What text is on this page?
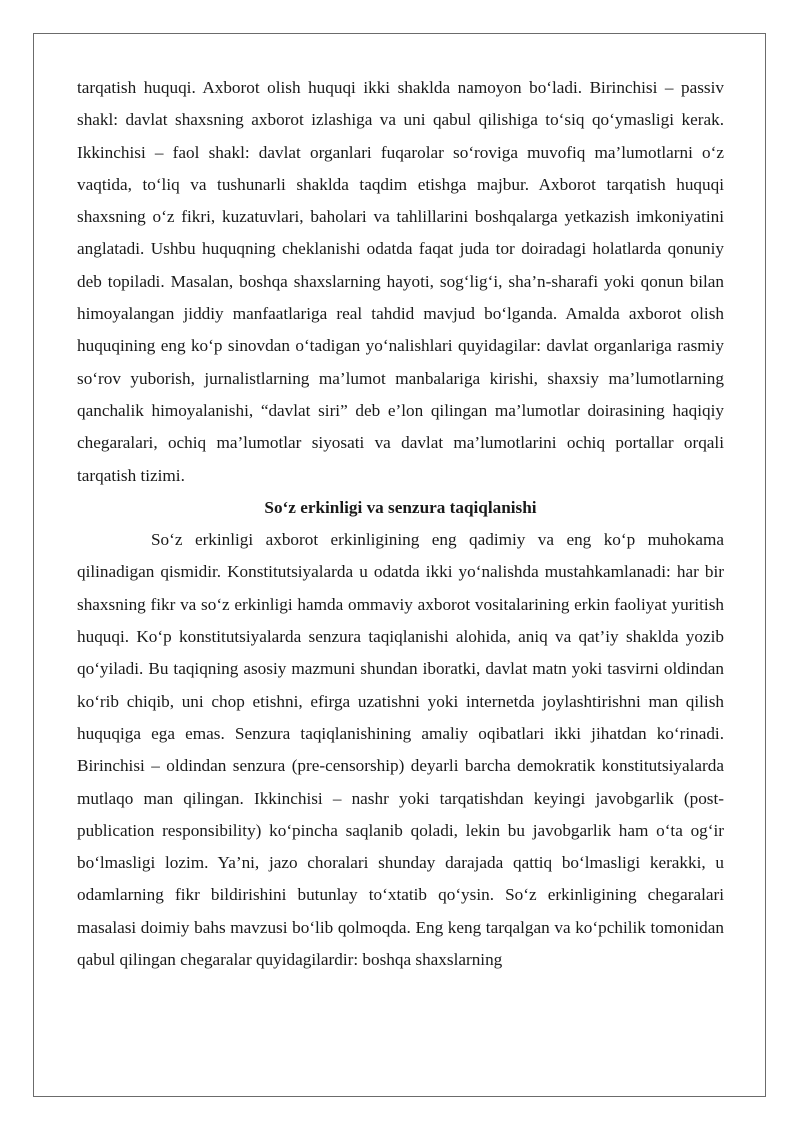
tarqatish huquqi. Axborot olish huquqi ikki shaklda namoyon bo‘ladi. Birinchisi – passiv shakl: davlat shaxsning axborot izlashiga va uni qabul qilishiga to‘siq qo‘ymasligi kerak. Ikkinchisi – faol shakl: davlat organlari fuqarolar so‘roviga muvofiq ma’lumotlarni o‘z vaqtida, to‘liq va tushunarli shaklda taqdim etishga majbur. Axborot tarqatish huquqi shaxsning o‘z fikri, kuzatuvlari, baholari va tahlillarini boshqalarga yetkazish imkoniyatini anglatadi. Ushbu huquqning cheklanishi odatda faqat juda tor doiradagi holatlarda qonuniy deb topiladi. Masalan, boshqa shaxslarning hayoti, sog‘lig‘i, sha’n-sharafi yoki qonun bilan himoyalangan jiddiy manfaatlariga real tahdid mavjud bo‘lganda. Amalda axborot olish huquqining eng ko‘p sinovdan o‘tadigan yo‘nalishlari quyidagilar: davlat organlariga rasmiy so‘rov yuborish, jurnalistlarning ma’lumot manbalariga kirishi, shaxsiy ma’lumotlarning qanchalik himoyalanishi, “davlat siri” deb e’lon qilingan ma’lumotlar doirasining haqiqiy chegaralari, ochiq ma’lumotlar siyosati va davlat ma’lumotlarini ochiq portallar orqali tarqatish tizimi.

So‘z erkinligi va senzura taqiqlanishi

So‘z erkinligi axborot erkinligining eng qadimiy va eng ko‘p muhokama qilinadigan qismidir. Konstitutsiyalarda u odatda ikki yo‘nalishda mustahkamlanadi: har bir shaxsning fikr va so‘z erkinligi hamda ommaviy axborot vositalarining erkin faoliyat yuritish huquqi. Ko‘p konstitutsiyalarda senzura taqiqlanishi alohida, aniq va qat’iy shaklda yozib qo‘yiladi. Bu taqiqning asosiy mazmuni shundan iboratki, davlat matn yoki tasvirni oldindan ko‘rib chiqib, uni chop etishni, efirga uzatishni yoki internetda joylashtirishni man qilish huquqiga ega emas. Senzura taqiqlanishining amaliy oqibatlari ikki jihatdan ko‘rinadi. Birinchisi – oldindan senzura (pre-censorship) deyarli barcha demokratik konstitutsiyalarda mutlaqo man qilingan. Ikkinchisi – nashr yoki tarqatishdan keyingi javobgarlik (post-publication responsibility) ko‘pincha saqlanib qoladi, lekin bu javobgarlik ham o‘ta og‘ir bo‘lmasligi lozim. Ya’ni, jazo choralari shunday darajada qattiq bo‘lmasligi kerakki, u odamlarning fikr bildirishini butunlay to‘xtatib qo‘ysin. So‘z erkinligining chegaralari masalasi doimiy bahs mavzusi bo‘lib qolmoqda. Eng keng tarqalgan va ko‘pchilik tomonidan qabul qilingan chegaralar quyidagilardir: boshqa shaxslarning
